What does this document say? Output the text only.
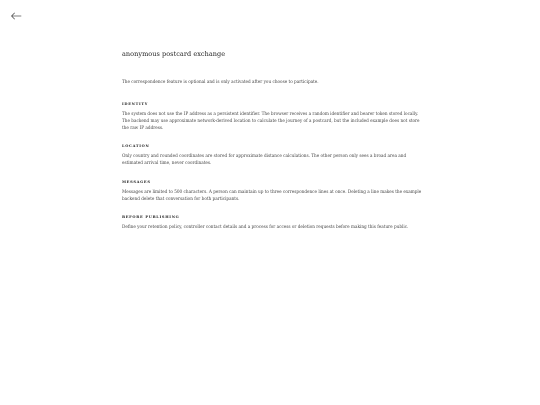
anonymous postcard exchange

The correspondence feature is optional and is only activated after you choose to participate.

IDENTITY

The system does not use the IP address as a persistent identifier. The browser receives a random identifier and bearer token stored locally. The backend may use approximate network-derived location to calculate the journey of a postcard, but the included example does not store the raw IP address.

LOCATION

Only country and rounded coordinates are stored for approximate distance calculations. The other person only sees a broad area and estimated arrival time, never coordinates.

MESSAGES

Messages are limited to 500 characters. A person can maintain up to three correspondence lines at once. Deleting a line makes the example backend delete that conversation for both participants.

BEFORE PUBLISHING

Define your retention policy, controller contact details and a process for access or deletion requests before making this feature public.
